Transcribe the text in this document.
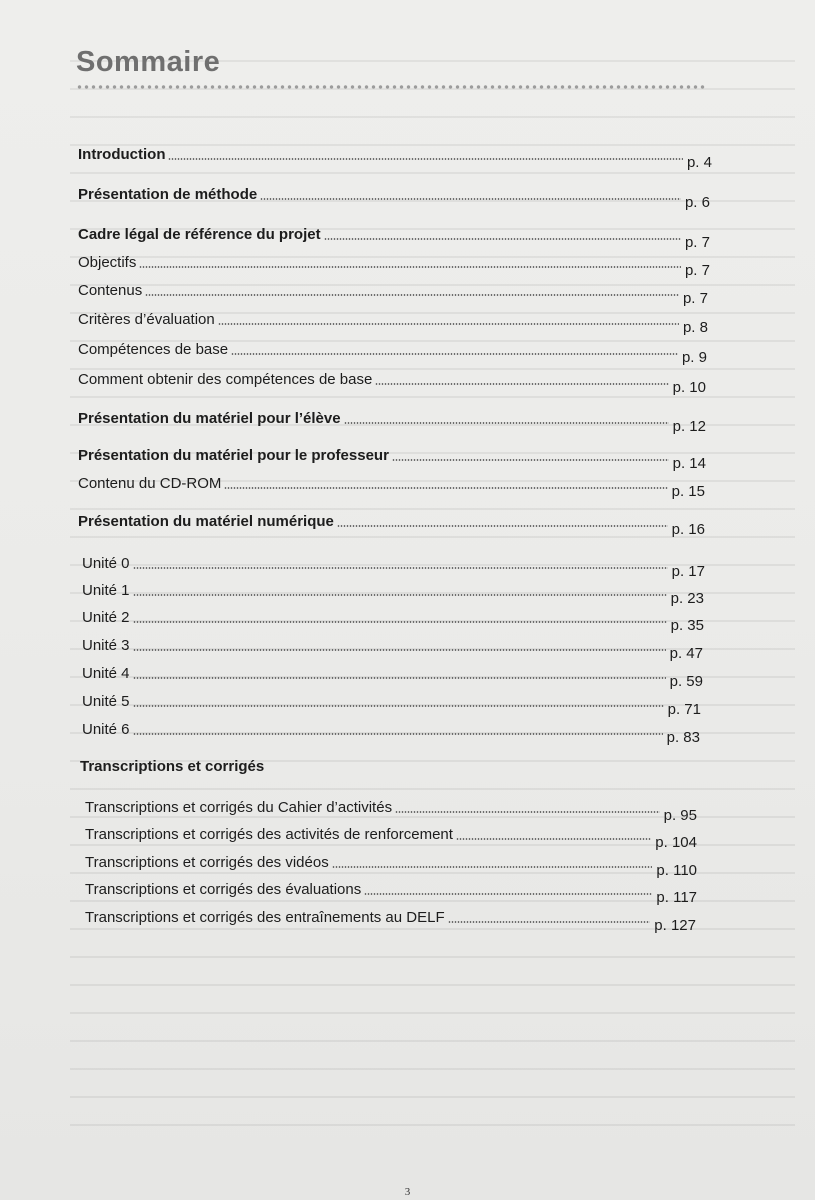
Sommaire
Transcriptions et corrigés
Introduction	p. 4
Présentation de méthode	p. 6
Cadre légal de référence du projet	p. 7
Objectifs	p. 7
Contenus	p. 7
Critères d’évaluation	p. 8
Compétences de base	p. 9
Comment obtenir des compétences de base	p. 10
Présentation du matériel pour l’élève	p. 12
Présentation du matériel pour le professeur	p. 14
Contenu du CD-ROM	p. 15
Présentation du matériel numérique	p. 16
Unité 0	p. 17
Unité 1	p. 23
Unité 2	p. 35
Unité 3	p. 47
Unité 4	p. 59
Unité 5	p. 71
Unité 6	p. 83
Transcriptions et corrigés du Cahier d’activités	p. 95
Transcriptions et corrigés des activités de renforcement	p. 104
Transcriptions et corrigés des vidéos	p. 110
Transcriptions et corrigés des évaluations	p. 117
Transcriptions et corrigés des entraînements au DELF	p. 127
3
